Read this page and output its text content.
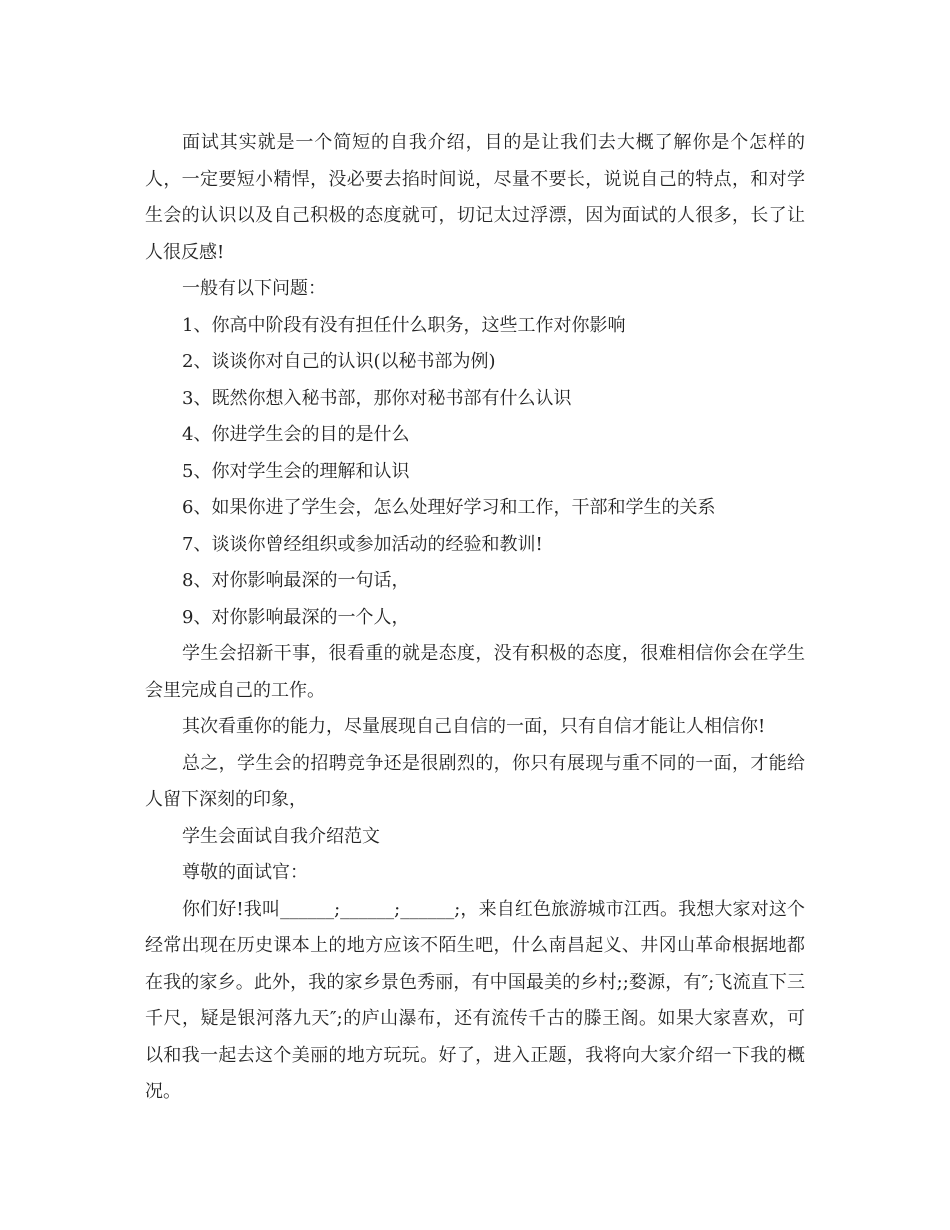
面试其实就是一个简短的自我介绍，目的是让我们去大概了解你是个怎样的人，一定要短小精悍，没必要去掐时间说，尽量不要长，说说自己的特点，和对学生会的认识以及自己积极的态度就可，切记太过浮漂，因为面试的人很多，长了让人很反感!

一般有以下问题：

1、你高中阶段有没有担任什么职务，这些工作对你影响

2、谈谈你对自己的认识(以秘书部为例)

3、既然你想入秘书部，那你对秘书部有什么认识

4、你进学生会的目的是什么

5、你对学生会的理解和认识

6、如果你进了学生会，怎么处理好学习和工作，干部和学生的关系

7、谈谈你曾经组织或参加活动的经验和教训!

8、对你影响最深的一句话，

9、对你影响最深的一个人，

学生会招新干事，很看重的就是态度，没有积极的态度，很难相信你会在学生会里完成自己的工作。

其次看重你的能力，尽量展现自己自信的一面，只有自信才能让人相信你!

总之，学生会的招聘竞争还是很剧烈的，你只有展现与重不同的一面，才能给人留下深刻的印象，

学生会面试自我介绍范文

尊敬的面试官：

你们好!我叫______;______;______;，来自红色旅游城市江西。我想大家对这个经常出现在历史课本上的地方应该不陌生吧，什么南昌起义、井冈山革命根据地都在我的家乡。此外，我的家乡景色秀丽，有中国最美的乡村;;婺源，有″;飞流直下三千尺，疑是银河落九天″;的庐山瀑布，还有流传千古的滕王阁。如果大家喜欢，可以和我一起去这个美丽的地方玩玩。好了，进入正题，我将向大家介绍一下我的概况。
